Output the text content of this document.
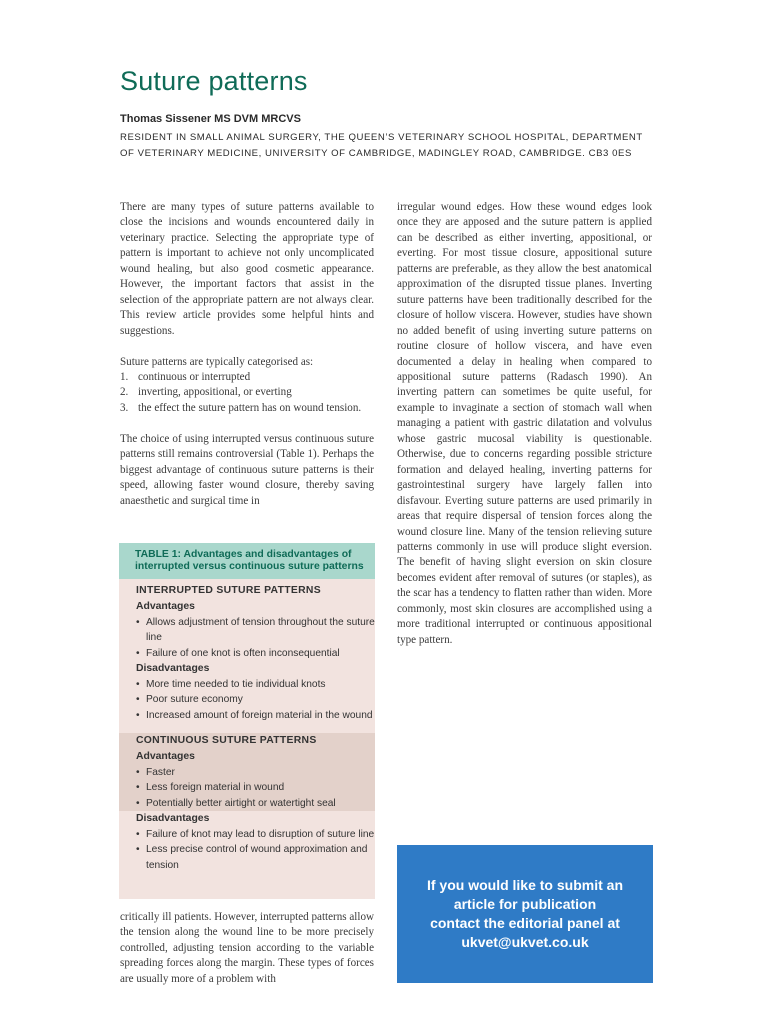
Suture patterns
Thomas Sissener MS DVM MRCVS
RESIDENT IN SMALL ANIMAL SURGERY, THE QUEEN’S VETERINARY SCHOOL HOSPITAL, DEPARTMENT OF VETERINARY MEDICINE, UNIVERSITY OF CAMBRIDGE, MADINGLEY ROAD, CAMBRIDGE. CB3 0ES

There are many types of suture patterns available to close the incisions and wounds encountered daily in veterinary practice. Selecting the appropriate type of pattern is important to achieve not only uncomplicated wound healing, but also good cosmetic appearance. However, the important factors that assist in the selection of the appropriate pattern are not always clear. This review article provides some helpful hints and suggestions.

Suture patterns are typically categorised as:

1. continuous or interrupted
2. inverting, appositional, or everting
3. the effect the suture pattern has on wound tension.

The choice of using interrupted versus continuous suture patterns still remains controversial (Table 1). Perhaps the biggest advantage of continuous suture patterns is their speed, allowing faster wound closure, thereby saving anaesthetic and surgical time in

TABLE 1: Advantages and disadvantages of
interrupted versus continuous suture patterns
INTERRUPTED SUTURE PATTERNS
Advantages
• Allows adjustment of tension throughout the suture line
• Failure of one knot is often inconsequential
Disadvantages
• More time needed to tie individual knots
• Poor suture economy
• Increased amount of foreign material in the wound
CONTINUOUS SUTURE PATTERNS
Advantages
• Faster
• Less foreign material in wound
• Potentially better airtight or watertight seal
Disadvantages
• Failure of knot may lead to disruption of suture line
• Less precise control of wound approximation and tension

critically ill patients. However, interrupted patterns allow the tension along the wound line to be more precisely controlled, adjusting tension according to the variable spreading forces along the margin. These types of forces are usually more of a problem with

irregular wound edges. How these wound edges look once they are apposed and the suture pattern is applied can be described as either inverting, appositional, or everting. For most tissue closure, appositional suture patterns are preferable, as they allow the best anatomical approximation of the disrupted tissue planes. Inverting suture patterns have been traditionally described for the closure of hollow viscera. However, studies have shown no added benefit of using inverting suture patterns on routine closure of hollow viscera, and have even documented a delay in healing when compared to appositional suture patterns (Radasch 1990). An inverting pattern can sometimes be quite useful, for example to invaginate a section of stomach wall when managing a patient with gastric dilatation and volvulus whose gastric mucosal viability is questionable. Otherwise, due to concerns regarding possible stricture formation and delayed healing, inverting patterns for gastrointestinal surgery have largely fallen into disfavour. Everting suture patterns are used primarily in areas that require dispersal of tension forces along the wound closure line. Many of the tension relieving suture patterns commonly in use will produce slight eversion. The benefit of having slight eversion on skin closure becomes evident after removal of sutures (or staples), as the scar has a tendency to flatten rather than widen. More commonly, most skin closures are accomplished using a more traditional interrupted or continuous appositional type pattern.

If you would like to submit an
article for publication
contact the editorial panel at
ukvet@ukvet.co.uk
